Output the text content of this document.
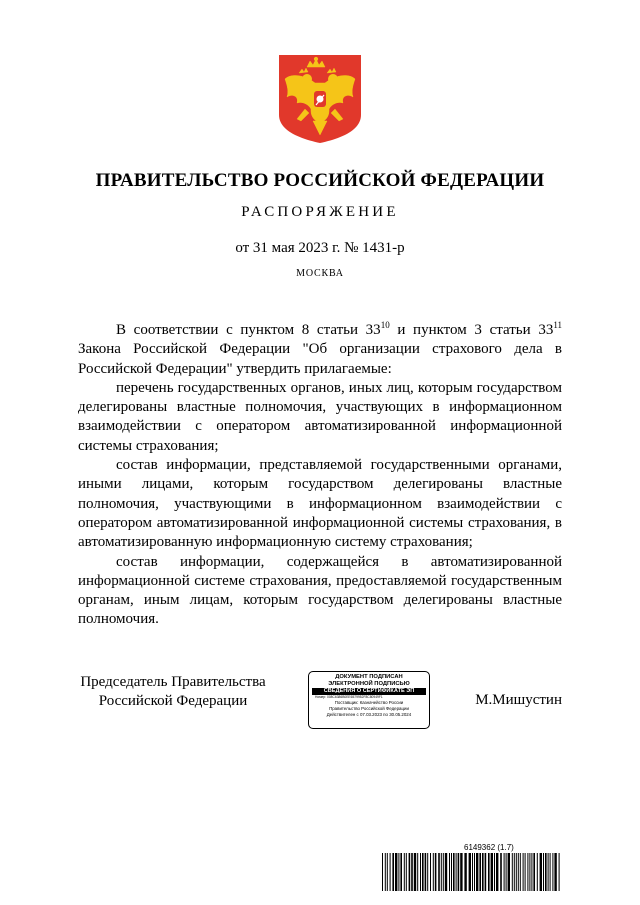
ПРАВИТЕЛЬСТВО РОССИЙСКОЙ ФЕДЕРАЦИИ
РАСПОРЯЖЕНИЕ
от 31 мая 2023 г. № 1431-р
МОСКВА

В соответствии с пунктом 8 статьи $33^{10}$ и пунктом 3 статьи $33^{11}$ Закона Российской Федерации "Об организации страхового дела в Российской Федерации" утвердить прилагаемые:

перечень государственных органов, иных лиц, которым государством делегированы властные полномочия, участвующих в информационном взаимодействии с оператором автоматизированной информационной системы страхования;

состав информации, представляемой государственными органами, иными лицами, которым государством делегированы властные полномочия, участвующими в информационном взаимодействии с оператором автоматизированной информационной системы страхования, в автоматизированную информационную систему страхования;

состав информации, содержащейся в автоматизированной информационной системе страхования, предоставляемой государственным органам, иным лицам, которым государством делегированы властные полномочия.

Председатель Правительства
Российской Федерации
ДОКУМЕНТ ПОДПИСАН
ЭЛЕКТРОННОЙ ПОДПИСЬЮ
СВЕДЕНИЯ О СЕРТИФИКАТЕ ЭП
Номер: 008C6386B0EE6579952F8C80949F1
Поставщик: Казначейство России
Правительство Российской Федерации
Действителен с 07.03.2023 по 30.05.2024
М.Мишустин
6149362 (1.7)
